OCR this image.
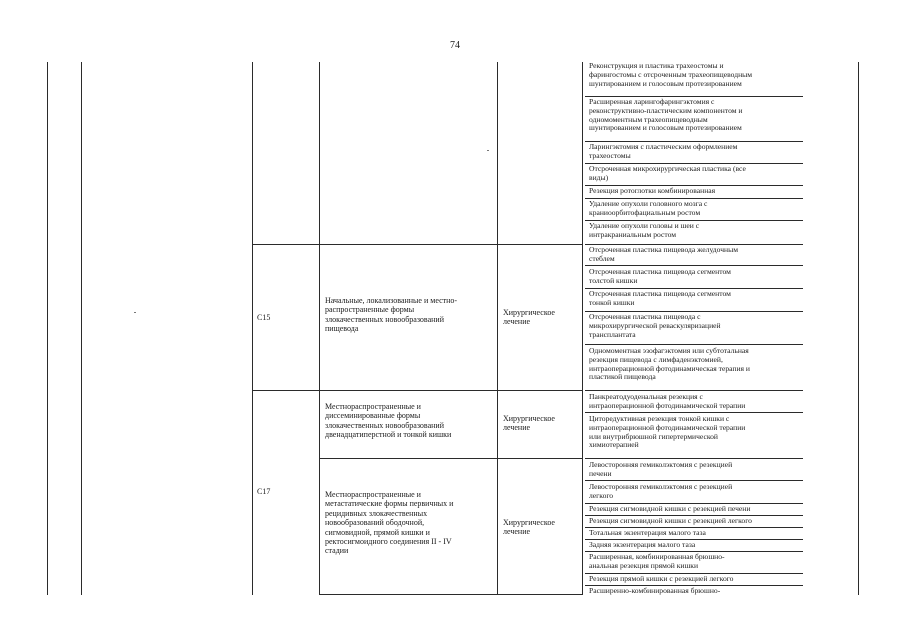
74
Реконструкция и пластика трахеостомы и
фарингостомы с отсроченным трахеопищеводным
шунтированием и голосовым протезированием
Расширенная ларингофарингэктомия с
реконструктивно-пластическим компонентом и
одномоментным трахеопищеводным
шунтированием и голосовым протезированием
Ларингэктомия с пластическим оформлением
трахеостомы
Отсроченная микрохирургическая пластика (все
виды)
Резекция ротоглотки комбинированная
Удаление опухоли головного мозга с
краниоорбитофациальным ростом
Удаление опухоли головы и шеи с
интракраниальным ростом
C15
Начальные, локализованные и местно-
распространенные формы
злокачественных новообразований
пищевода
Хирургическое
лечение
Отсроченная пластика пищевода желудочным
стеблем
Отсроченная пластика пищевода сегментом
толстой кишки
Отсроченная пластика пищевода сегментом
тонкой кишки
Отсроченная пластика пищевода с
микрохирургической реваскуляризацией
трансплантата
Одномоментная эзофагэктомия или субтотальная
резекция пищевода с лимфаденэктомией,
интраоперационной фотодинамическая терапия и
пластикой пищевода
C17
Местнораспространенные и
диссеминированные формы
злокачественных новообразований
двенадцатиперстной и тонкой кишки
Хирургическое
лечение
Панкреатодуоденальная резекция с
интраоперационной фотодинамической терапии
Циторедуктивная резекция тонкой кишки с
интраоперационной фотодинамической терапии
или внутрибрюшной гипертермической
химиотерапией
Местнораспространенные и
метастатические формы первичных и
рецидивных злокачественных
новообразований ободочной,
сигмовидной, прямой кишки и
ректосигмоидного соединения II - IV
стадии
Хирургическое
лечение
Левосторонняя гемиколэктомия с резекцией
печени
Левосторонняя гемиколэктомия с резекцией
легкого
Резекция сигмовидной кишки с резекцией печени
Резекция сигмовидной кишки с резекцией легкого
Тотальная экзентерация малого таза
Задняя экзентерация малого таза
Расширенная, комбинированная брюшно-
анальная резекция прямой кишки
Резекция прямой кишки с резекцией легкого
Расширенно-комбинированная брюшно-
